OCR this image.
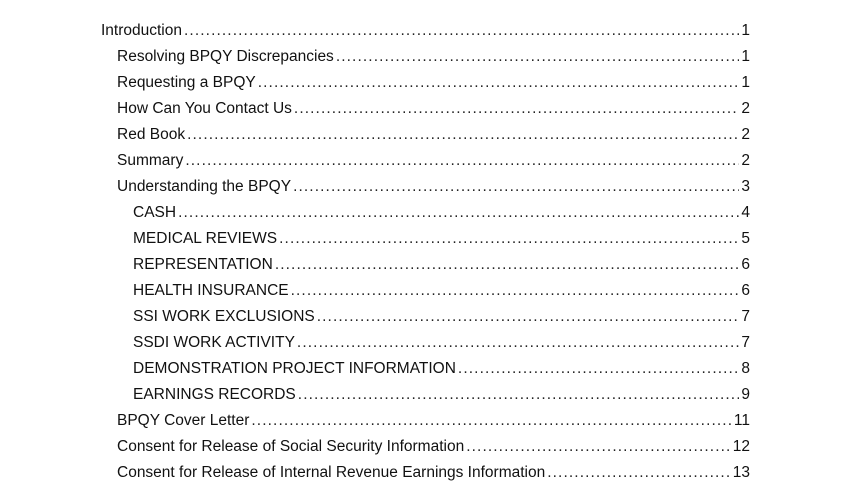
Introduction . . .	1
Resolving BPQY Discrepancies . . .	1
Requesting a BPQY . . .	1
How Can You Contact Us . . .	2
Red Book . . .	2
Summary . . .	2
Understanding the BPQY . . .	3
CASH . . .	4
MEDICAL REVIEWS . . .	5
REPRESENTATION . . .	6
HEALTH INSURANCE . . .	6
SSI WORK EXCLUSIONS . . .	7
SSDI WORK ACTIVITY . . .	7
DEMONSTRATION PROJECT INFORMATION . . .	8
EARNINGS RECORDS . . .	9
BPQY Cover Letter . . .	11
Consent for Release of Social Security Information . . .	12
Consent for Release of Internal Revenue Earnings Information . . .	13
